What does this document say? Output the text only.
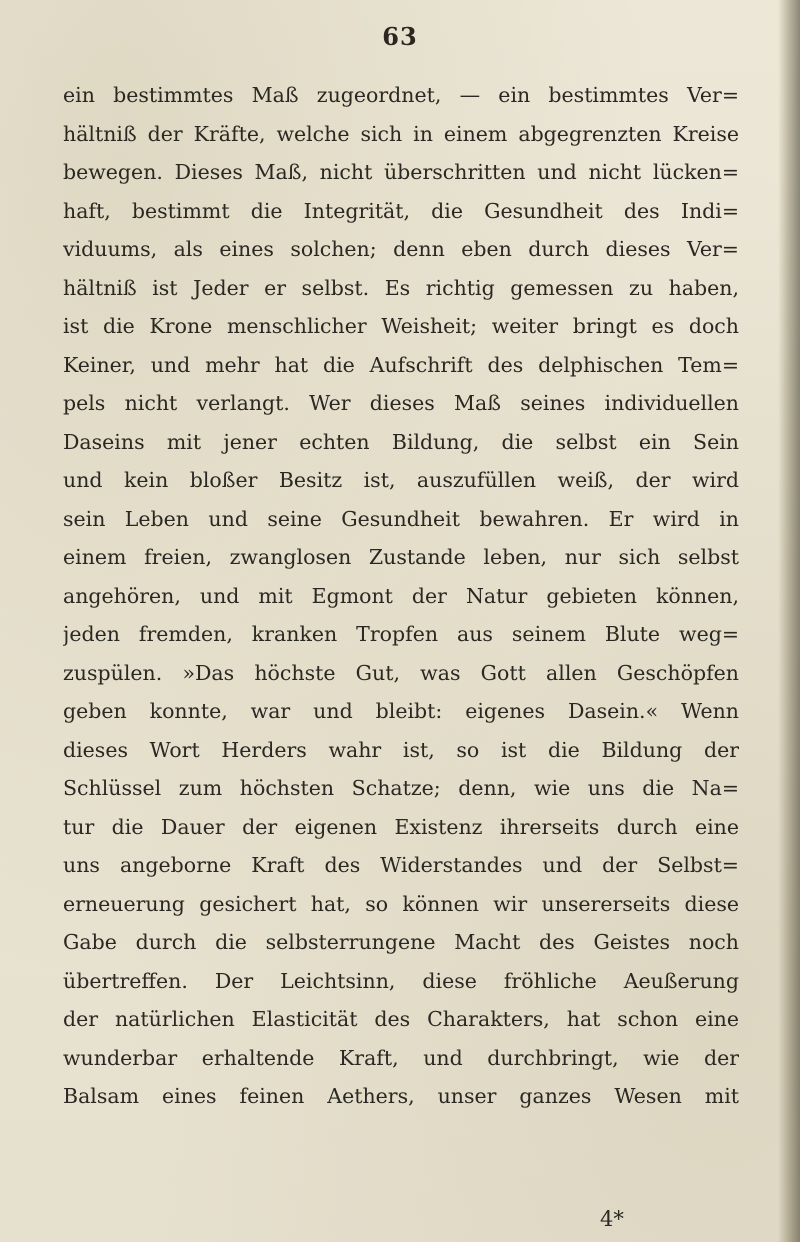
63
ein bestimmtes Maß zugeordnet, — ein bestimmtes Ver=
hältniß der Kräfte, welche sich in einem abgegrenzten Kreise
bewegen. Dieses Maß, nicht überschritten und nicht lücken=
haft, bestimmt die Integrität, die Gesundheit des Indi=
viduums, als eines solchen; denn eben durch dieses Ver=
hältniß ist Jeder er selbst. Es richtig gemessen zu haben,
ist die Krone menschlicher Weisheit; weiter bringt es doch
Keiner, und mehr hat die Aufschrift des delphischen Tem=
pels nicht verlangt. Wer dieses Maß seines individuellen
Daseins mit jener echten Bildung, die selbst ein Sein
und kein bloßer Besitz ist, auszufüllen weiß, der wird
sein Leben und seine Gesundheit bewahren. Er wird in
einem freien, zwanglosen Zustande leben, nur sich selbst
angehören, und mit Egmont der Natur gebieten können,
jeden fremden, kranken Tropfen aus seinem Blute weg=
zuspülen. »Das höchste Gut, was Gott allen Geschöpfen
geben konnte, war und bleibt: eigenes Dasein.« Wenn
dieses Wort Herders wahr ist, so ist die Bildung der
Schlüssel zum höchsten Schatze; denn, wie uns die Na=
tur die Dauer der eigenen Existenz ihrerseits durch eine
uns angeborne Kraft des Widerstandes und der Selbst=
erneuerung gesichert hat, so können wir unsererseits diese
Gabe durch die selbsterrungene Macht des Geistes noch
übertreffen. Der Leichtsinn, diese fröhliche Aeußerung
der natürlichen Elasticität des Charakters, hat schon eine
wunderbar erhaltende Kraft, und durchbringt, wie der
Balsam eines feinen Aethers, unser ganzes Wesen mit
4*
